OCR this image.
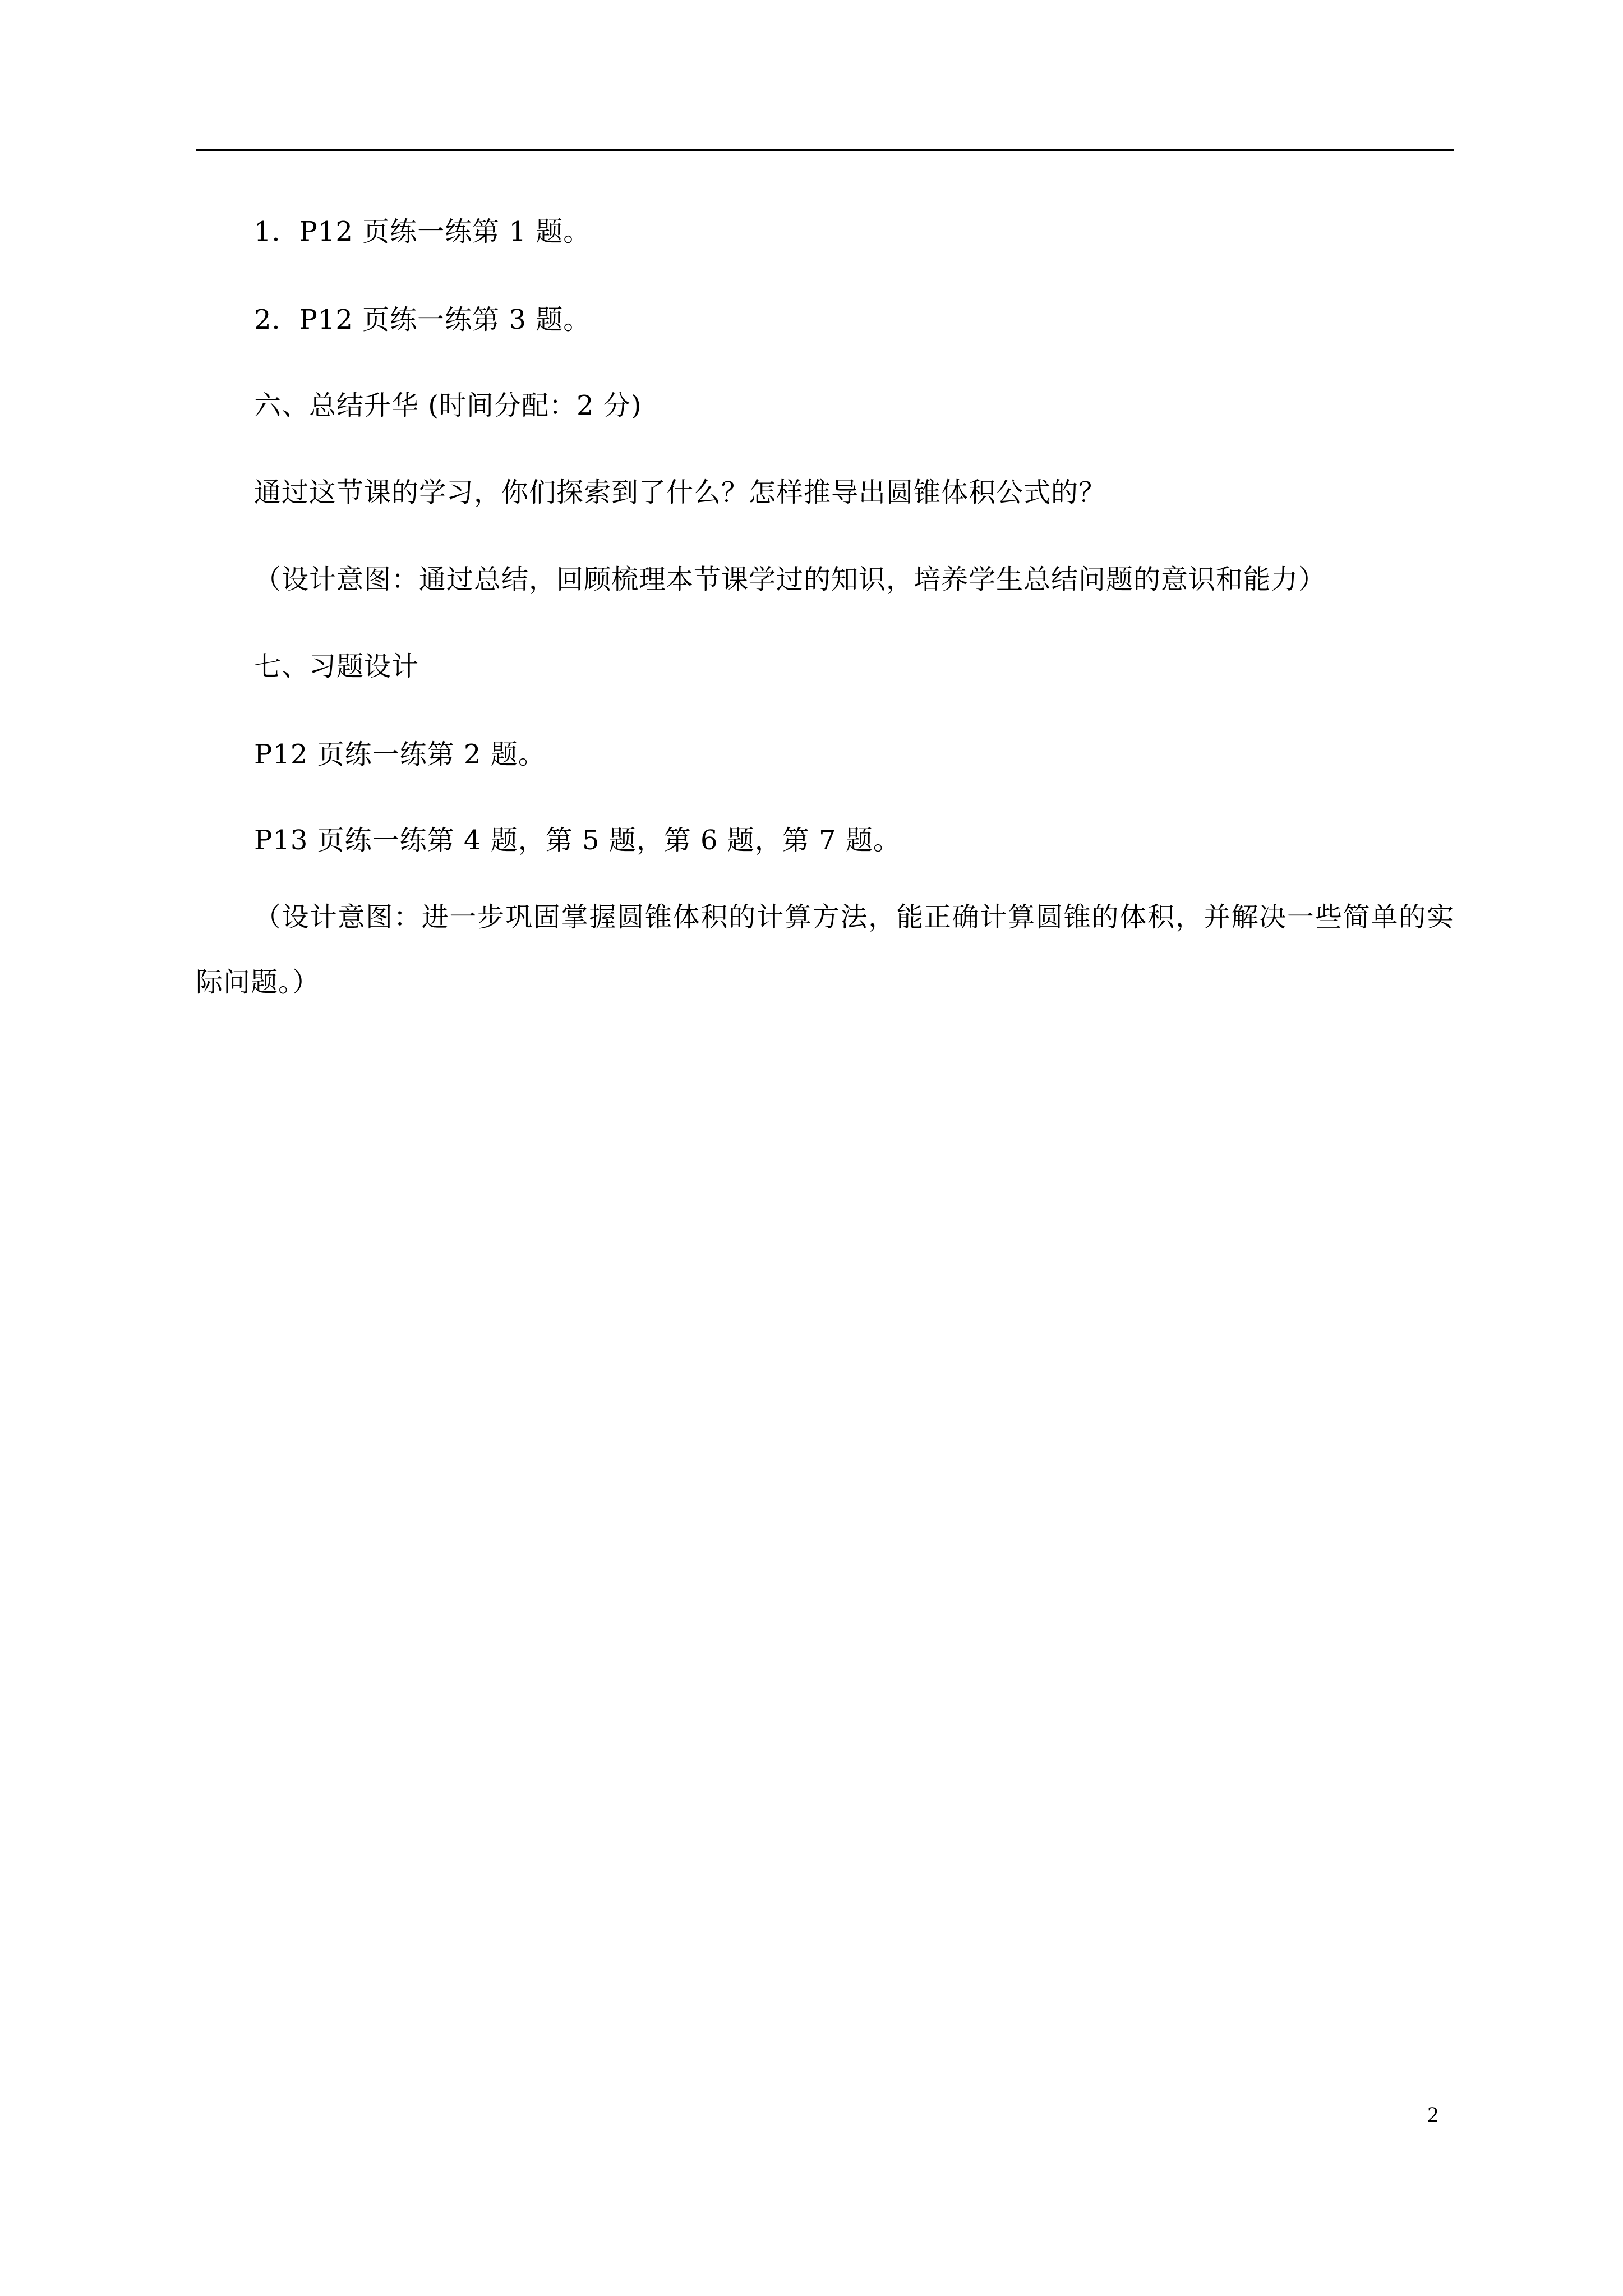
1．P12 页练一练第 1 题。
2．P12 页练一练第 3 题。
六、总结升华 (时间分配：2 分)
通过这节课的学习，你们探索到了什么？怎样推导出圆锥体积公式的？
（设计意图：通过总结，回顾梳理本节课学过的知识，培养学生总结问题的意识和能力）
七、习题设计
P12 页练一练第 2 题。
P13 页练一练第 4 题，第 5 题，第 6 题，第 7 题。

（设计意图：进一步巩固掌握圆锥体积的计算方法，能正确计算圆锥的体积，并解决一些简单的实际问题。）

2
